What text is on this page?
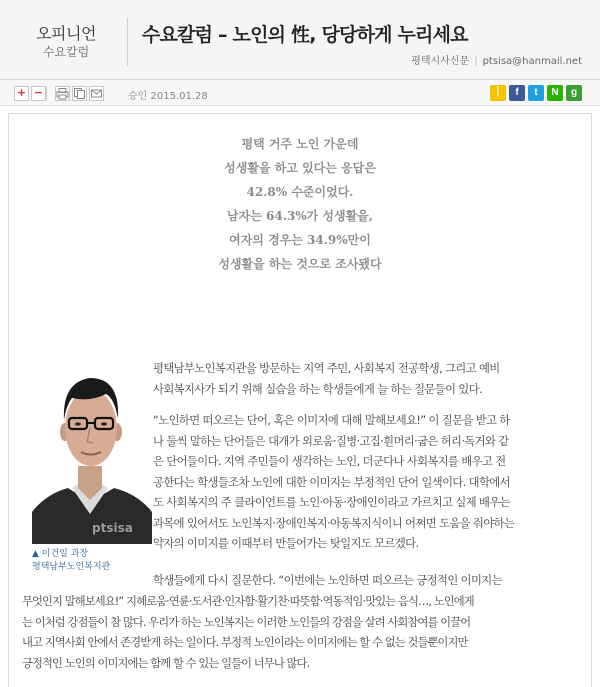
오피니언
수요칼럼
수요칼럼 – 노인의 性, 당당하게 누리세요
평택시사신문 | ptsisa@hanmail.net
+ −	승인 2015.01.28	ㅣ	f	t	N	g
평택 거주 노인 가운데
성생활을 하고 있다는 응답은
42.8% 수준이었다.
남자는 64.3%가 성생활을,
여자의 경우는 34.9%만이
성생활을 하는 것으로 조사됐다
ptsisa
▲ 이건일 과장
평택남부노인복지관
평택남부노인복지관을 방문하는 지역 주민, 사회복지 전공학생, 그리고 예비
사회복지사가 되기 위해 실습을 하는 학생들에게 늘 하는 질문들이 있다.
“노인하면 떠오르는 단어, 혹은 이미지에 대해 말해보세요!” 이 질문을 받고 하
나 둘씩 말하는 단어들은 대개가 외로움·질병·고집·흰머리·굽은 허리·독거와 같
은 단어들이다. 지역 주민들이 생각하는 노인, 더군다나 사회복지를 배우고 전
공한다는 학생들조차 노인에 대한 이미지는 부정적인 단어 일색이다. 대학에서
도 사회복지의 주 클라이언트를 노인·아동·장애인이라고 가르치고 실제 배우는
과목에 있어서도 노인복지·장애인복지·아동복지식이니 어쩌면 도움을 줘야하는
약자의 이미지를 이때부터 만들어가는 탓일지도 모르겠다.
학생들에게 다시 질문한다. “이번에는 노인하면 떠오르는 긍정적인 이미지는
무엇인지 말해보세요!” 지혜로움·연륜·도서관·인자함·활기찬·따뜻함·역동적임·맛있는 음식…, 노인에게
는 이처럼 강점들이 참 많다. 우리가 하는 노인복지는 이러한 노인들의 강점을 살려 사회참여를 이끌어
내고 지역사회 안에서 존경받게 하는 일이다. 부정적 노인이라는 이미지에는 할 수 없는 것들뿐이지만
긍정적인 노인의 이미지에는 함께 할 수 있는 일들이 너무나 많다.
